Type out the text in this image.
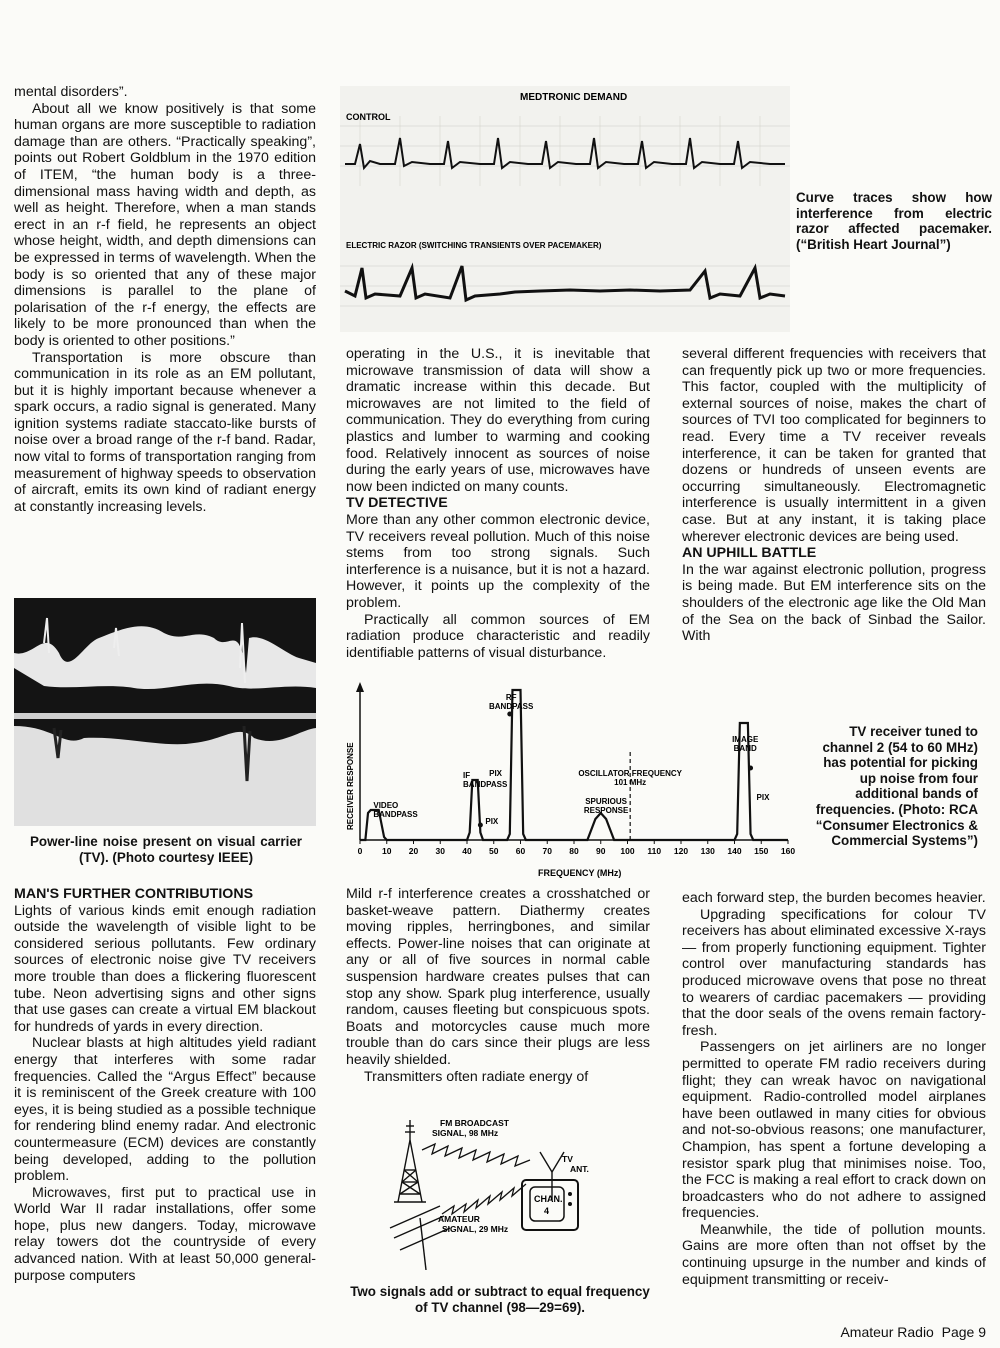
mental disorders”.

About all we know positively is that some human organs are more susceptible to radiation damage than are others. “Practically speaking”, points out Robert Goldblum in the 1970 edition of ITEM, “the human body is a three-dimensional mass having width and depth, as well as height. Therefore, when a man stands erect in an r-f field, he represents an object whose height, width, and depth dimensions can be expressed in terms of wavelength. When the body is so oriented that any of these major dimensions is parallel to the plane of polarisation of the r-f energy, the effects are likely to be more pronounced than when the body is oriented to other positions.”

Transportation is more obscure than communication in its role as an EM pollutant, but it is highly important because whenever a spark occurs, a radio signal is generated. Many ignition systems radiate staccato-like bursts of noise over a broad range of the r-f band. Radar, now vital to forms of transportation ranging from measurement of highway speeds to observation of aircraft, emits its own kind of radiant energy at constantly increasing levels.

Power-line noise present on visual carrier (TV). (Photo courtesy IEEE)
MEDTRONIC DEMAND
CONTROL
ELECTRIC RAZOR (SWITCHING TRANSIENTS OVER PACEMAKER)
Curve traces show how interference from electric razor affected pacemaker. (“British Heart Journal”)

operating in the U.S., it is inevitable that microwave transmission of data will show a dramatic increase within this decade. But microwaves are not limited to the field of communication. They do everything from curing plastics and lumber to warming and cooking food. Relatively innocent as sources of noise during the early years of use, microwaves have now been indicted on many counts.

TV DETECTIVE

More than any other common electronic device, TV receivers reveal pollution. Much of this noise stems from too strong signals. Such interference is a nuisance, but it is not a hazard. However, it points up the complexity of the problem.

Practically all common sources of EM radiation produce characteristic and readily identifiable patterns of visual disturbance.

several different frequencies with receivers that can frequently pick up two or more frequencies. This factor, coupled with the multiplicity of external sources of noise, makes the chart of sources of TVI too complicated for beginners to read. Every time a TV receiver reveals interference, it can be taken for granted that dozens or hundreds of unseen events are occurring simultaneously. Electromagnetic interference is usually intermittent in a given case. But at any instant, it is taking place wherever electronic devices are being used.

AN UPHILL BATTLE

In the war against electronic pollution, progress is being made. But EM interference sits on the shoulders of the electronic age like the Old Man of the Sea on the back of Sinbad the Sailor. With

RECEIVER RESPONSE
FREQUENCY (MHz)
0 10 20 30 40 50 60 70 80 90 100 110 120 130 140 150 160
VIDEO
BANDPASS
IF
BANDPASS
PIX
PIX
RF
BANDPASS
OSCILLATOR FREQUENCY
101 MHz
SPURIOUS
RESPONSE
IMAGE
BAND
PIX
TV receiver tuned to channel 2 (54 to 60 MHz) has potential for picking up noise from four additional bands of frequencies. (Photo: RCA “Consumer Electronics & Commercial Systems”)
MAN'S FURTHER CONTRIBUTIONS

Lights of various kinds emit enough radiation outside the wavelength of visible light to be considered serious pollutants. Few ordinary sources of electronic noise give TV receivers more trouble than does a flickering fluorescent tube. Neon advertising signs and other signs that use gases can create a virtual EM blackout for hundreds of yards in every direction.

Nuclear blasts at high altitudes yield radiant energy that interferes with some radar frequencies. Called the “Argus Effect” because it is reminiscent of the Greek creature with 100 eyes, it is being studied as a possible technique for rendering blind enemy radar. And electronic countermeasure (ECM) devices are constantly being developed, adding to the pollution problem.

Microwaves, first put to practical use in World War II radar installations, offer some hope, plus new dangers. Today, microwave relay towers dot the countryside of every advanced nation. With at least 50,000 general-purpose computers

Mild r-f interference creates a crosshatched or basket-weave pattern. Diathermy creates moving ripples, herringbones, and similar effects. Power-line noises that can originate at any or all of five sources in normal cable suspension hardware creates pulses that can stop any show. Spark plug interference, usually random, causes fleeting but conspicuous spots. Boats and motorcycles cause much more trouble than do cars since their plugs are less heavily shielded.

Transmitters often radiate energy of

FM BROADCAST
SIGNAL, 98 MHz
TV
ANT.
CHAN.
4
AMATEUR
SIGNAL, 29 MHz
Two signals add or subtract to equal frequency of TV channel (98—29=69).

each forward step, the burden becomes heavier.

Upgrading specifications for colour TV receivers has about eliminated excessive X-rays — from properly functioning equipment. Tighter control over manufacturing standards has produced microwave ovens that pose no threat to wearers of cardiac pacemakers — providing that the door seals of the ovens remain factory-fresh.

Passengers on jet airliners are no longer permitted to operate FM radio receivers during flight; they can wreak havoc on navigational equipment. Radio-controlled model airplanes have been outlawed in many cities for obvious and not-so-obvious reasons; one manufacturer, Champion, has spent a fortune developing a resistor spark plug that minimises noise. Too, the FCC is making a real effort to crack down on broadcasters who do not adhere to assigned frequencies.

Meanwhile, the tide of pollution mounts. Gains are more often than not offset by the continuing upsurge in the number and kinds of equipment transmitting or receiv-

Amateur Radio  Page 9
